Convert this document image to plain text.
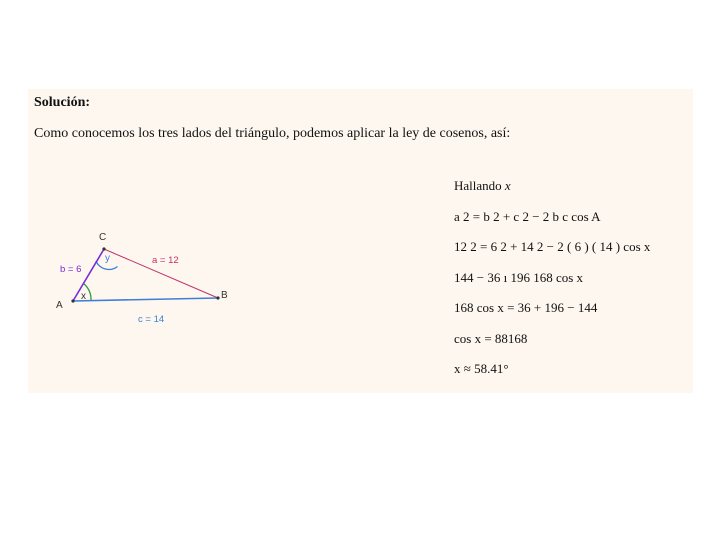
Solución:
Como conocemos los tres lados del triángulo, podemos aplicar la ley de cosenos, así:
A
B
C
b = 6
a = 12
c = 14
x
y
Hallando x
a 2 = b 2 + c 2 − 2 b c cos A
12 2 = 6 2 + 14 2 − 2 ( 6 ) ( 14 ) cos x
144 − 36 ı 196 168 cos x
168 cos x = 36 + 196 − 144
cos x = 88168
x ≈ 58.41°
